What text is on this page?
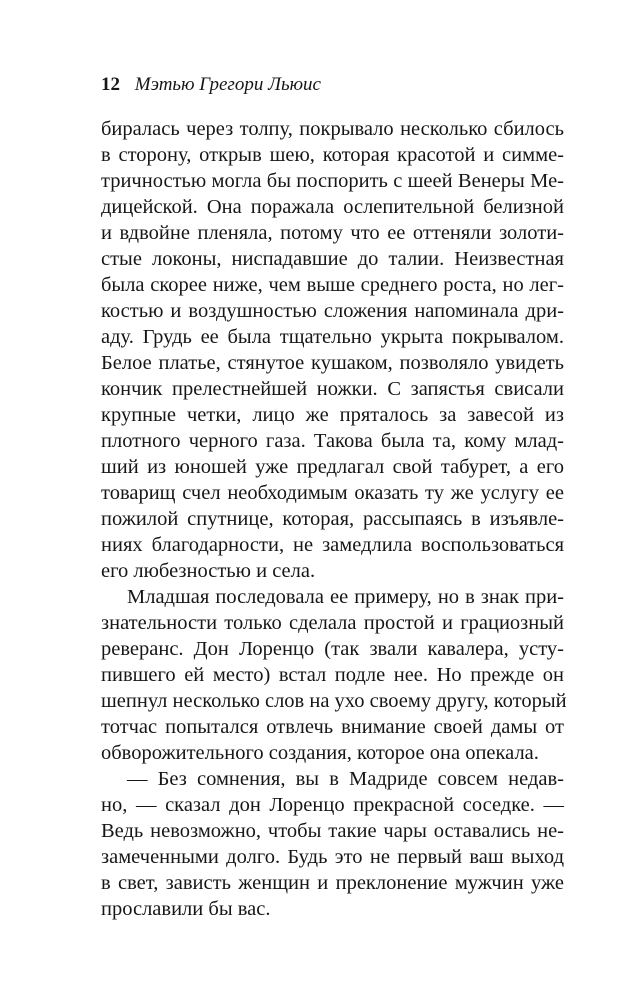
12 Мэтью Грегори Льюис
биралась через толпу, покрывало несколько сбилось
в сторону, открыв шею, которая красотой и симме-
тричностью могла бы поспорить с шеей Венеры Ме-
дицейской. Она поражала ослепительной белизной
и вдвойне пленяла, потому что ее оттеняли золоти-
стые локоны, ниспадавшие до талии. Неизвестная
была скорее ниже, чем выше среднего роста, но лег-
костью и воздушностью сложения напоминала дри-
аду. Грудь ее была тщательно укрыта покрывалом.
Белое платье, стянутое кушаком, позволяло увидеть
кончик прелестнейшей ножки. С запястья свисали
крупные четки, лицо же пряталось за завесой из
плотного черного газа. Такова была та, кому млад-
ший из юношей уже предлагал свой табурет, а его
товарищ счел необходимым оказать ту же услугу ее
пожилой спутнице, которая, рассыпаясь в изъявле-
ниях благодарности, не замедлила воспользоваться
его любезностью и села.
Младшая последовала ее примеру, но в знак при-
знательности только сделала простой и грациозный
реверанс. Дон Лоренцо (так звали кавалера, усту-
пившего ей место) встал подле нее. Но прежде он
шепнул несколько слов на ухо своему другу, который
тотчас попытался отвлечь внимание своей дамы от
обворожительного создания, которое она опекала.
— Без сомнения, вы в Мадриде совсем недав-
но, — сказал дон Лоренцо прекрасной соседке. —
Ведь невозможно, чтобы такие чары оставались не-
замеченными долго. Будь это не первый ваш выход
в свет, зависть женщин и преклонение мужчин уже
прославили бы вас.
